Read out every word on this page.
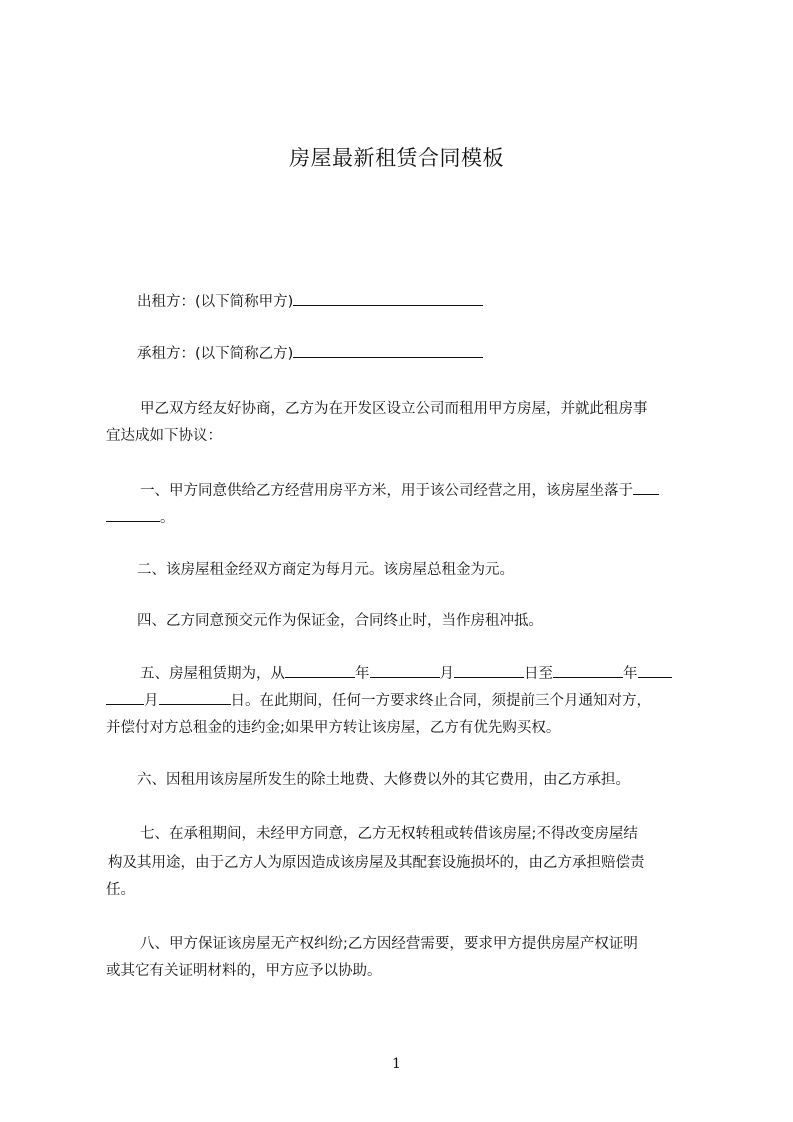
房屋最新租赁合同模板

出租方：(以下简称甲方)

承租方：(以下简称乙方)

甲乙双方经友好协商，乙方为在开发区设立公司而租用甲方房屋，并就此租房事

宜达成如下协议：

一、甲方同意供给乙方经营用房平方米，用于该公司经营之用，该房屋坐落于

。

二、该房屋租金经双方商定为每月元。该房屋总租金为元。

四、乙方同意预交元作为保证金，合同终止时，当作房租冲抵。

五、房屋租赁期为，从	年	月	日至	年

月	日。在此期间，任何一方要求终止合同，须提前三个月通知对方，

并偿付对方总租金的违约金;如果甲方转让该房屋，乙方有优先购买权。

六、因租用该房屋所发生的除土地费、大修费以外的其它费用，由乙方承担。

七、在承租期间，未经甲方同意，乙方无权转租或转借该房屋;不得改变房屋结

构及其用途，由于乙方人为原因造成该房屋及其配套设施损坏的，由乙方承担赔偿责

任。

八、甲方保证该房屋无产权纠纷;乙方因经营需要，要求甲方提供房屋产权证明

或其它有关证明材料的，甲方应予以协助。

1
